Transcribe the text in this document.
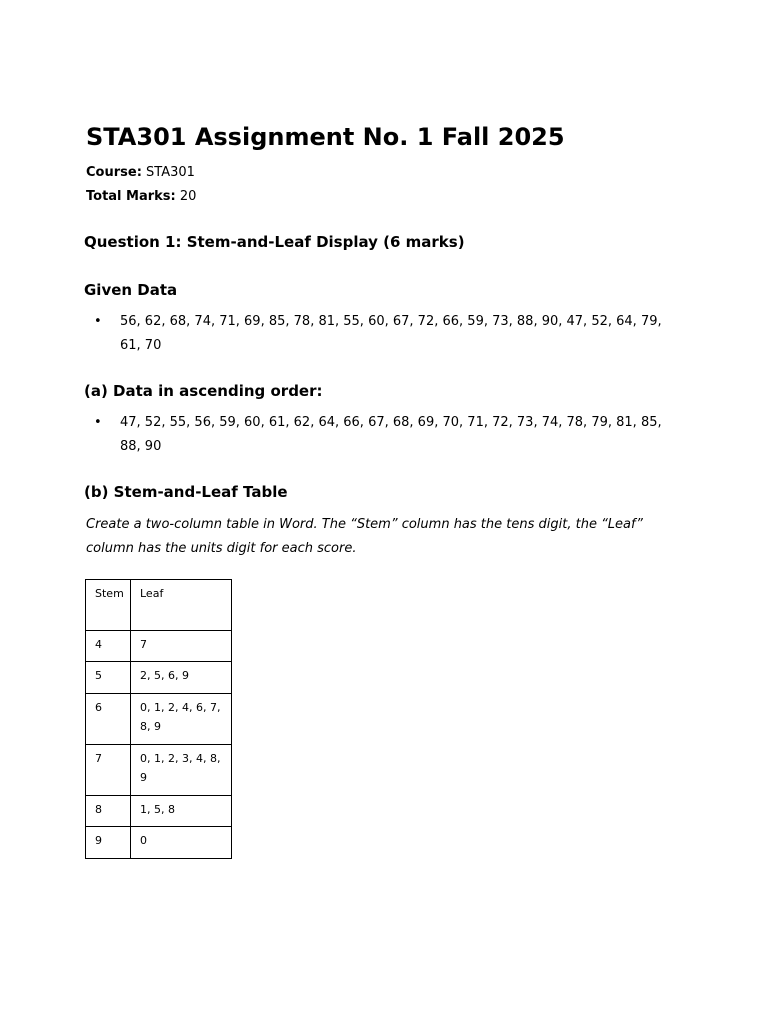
STA301 Assignment No. 1 Fall 2025

Course: STA301

Total Marks: 20

Question 1: Stem-and-Leaf Display (6 marks)
Given Data
• 56, 62, 68, 74, 71, 69, 85, 78, 81, 55, 60, 67, 72, 66, 59, 73, 88, 90, 47, 52, 64, 79, 61, 70

(a) Data in ascending order:
• 47, 52, 55, 56, 59, 60, 61, 62, 64, 66, 67, 68, 69, 70, 71, 72, 73, 74, 78, 79, 81, 85, 88, 90

(b) Stem-and-Leaf Table

Create a two-column table in Word. The “Stem” column has the tens digit, the “Leaf” column has the units digit for each score.

Stem	Leaf
4	7
5	2, 5, 6, 9
6	0, 1, 2, 4, 6, 7, 8, 9
7	0, 1, 2, 3, 4, 8, 9
8	1, 5, 8
9	0
